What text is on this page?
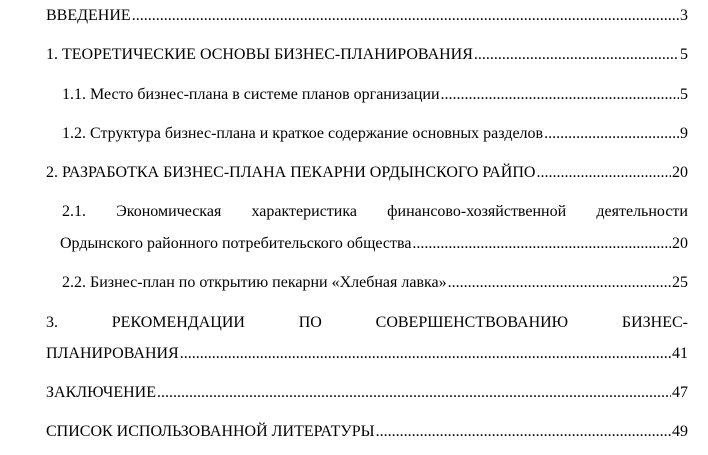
ВВЕДЕНИЕ .....	3
1. ТЕОРЕТИЧЕСКИЕ ОСНОВЫ БИЗНЕС-ПЛАНИРОВАНИЯ .....	5
1.1. Место бизнес-плана в системе планов организации .....	5
1.2. Структура бизнес-плана и краткое содержание основных разделов .....	9
2. РАЗРАБОТКА БИЗНЕС-ПЛАНА ПЕКАРНИ ОРДЫНСКОГО РАЙПО .....	20
2.1. Экономическая характеристика финансово-хозяйственной деятельности
Ордынского районного потребительского общества .....	20
2.2. Бизнес-план по открытию пекарни «Хлебная лавка» .....	25
3.	РЕКОМЕНДАЦИИ	ПО	СОВЕРШЕНСТВОВАНИЮ	БИЗНЕС-
ПЛАНИРОВАНИЯ .....	41
ЗАКЛЮЧЕНИЕ .....	47
СПИСОК ИСПОЛЬЗОВАННОЙ ЛИТЕРАТУРЫ .....	49
